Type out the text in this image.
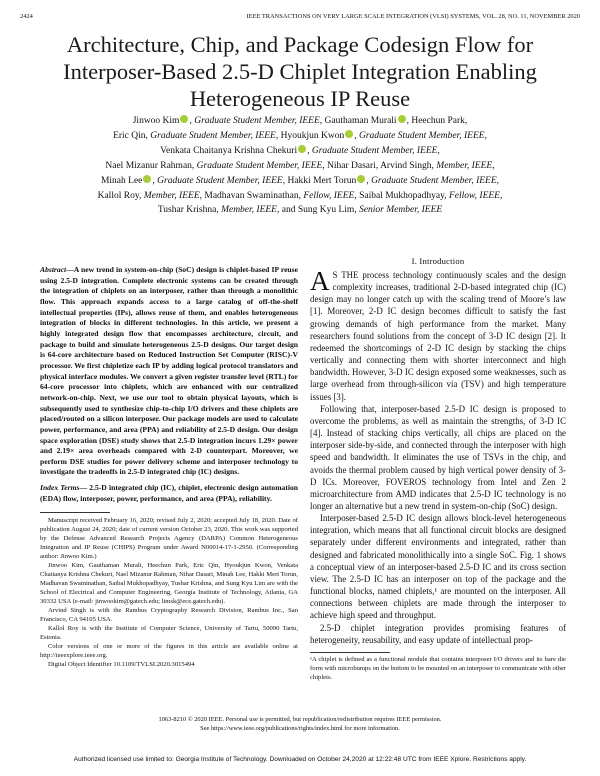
2424	IEEE TRANSACTIONS ON VERY LARGE SCALE INTEGRATION (VLSI) SYSTEMS, VOL. 28, NO. 11, NOVEMBER 2020
Architecture, Chip, and Package Codesign Flow for Interposer-Based 2.5-D Chiplet Integration Enabling Heterogeneous IP Reuse
Jinwoo Kim , Graduate Student Member, IEEE, Gauthaman Murali , Heechun Park,
Eric Qin, Graduate Student Member, IEEE, Hyoukjun Kwon , Graduate Student Member, IEEE,
Venkata Chaitanya Krishna Chekuri , Graduate Student Member, IEEE,
Nael Mizanur Rahman, Graduate Student Member, IEEE, Nihar Dasari, Arvind Singh, Member, IEEE,
Minah Lee , Graduate Student Member, IEEE, Hakki Mert Torun , Graduate Student Member, IEEE,
Kallol Roy, Member, IEEE, Madhavan Swaminathan, Fellow, IEEE, Saibal Mukhopadhyay, Fellow, IEEE,
Tushar Krishna, Member, IEEE, and Sung Kyu Lim, Senior Member, IEEE

Abstract—A new trend in system-on-chip (SoC) design is chiplet-based IP reuse using 2.5-D integration. Complete electronic systems can be created through the integration of chiplets on an interposer, rather than through a monolithic flow. This approach expands access to a large catalog of off-the-shelf intellectual properties (IPs), allows reuse of them, and enables heterogeneous integration of blocks in different technologies. In this article, we present a highly integrated design flow that encompasses architecture, circuit, and package to build and simulate heterogeneous 2.5-D designs. Our target design is 64-core architecture based on Reduced Instruction Set Computer (RISC)-V processor. We first chipletize each IP by adding logical protocol translators and physical interface modules. We convert a given register transfer level (RTL) for 64-core processor into chiplets, which are enhanced with our centralized network-on-chip. Next, we use our tool to obtain physical layouts, which is subsequently used to synthesize chip-to-chip I/O drivers and these chiplets are placed/routed on a silicon interposer. Our package models are used to calculate power, performance, and area (PPA) and reliability of 2.5-D design. Our design space exploration (DSE) study shows that 2.5-D integration incurs 1.29× power and 2.19× area overheads compared with 2-D counterpart. Moreover, we perform DSE studies for power delivery scheme and interposer technology to investigate the tradeoffs in 2.5-D integrated chip (IC) designs.

Index Terms— 2.5-D integrated chip (IC), chiplet, electronic design automation (EDA) flow, interposer, power, performance, and area (PPA), reliability.

Manuscript received February 16, 2020; revised July 2, 2020; accepted July 18, 2020. Date of publication August 24, 2020; date of current version October 23, 2020. This work was supported by the Defense Advanced Research Projects Agency (DARPA) Common Heterogeneous Integration and IP Reuse (CHIPS) Program under Award N00014-17-1-2950. (Corresponding author: Jinwoo Kim.)

Jinwoo Kim, Gauthaman Murali, Heechun Park, Eric Qin, Hyoukjun Kwon, Venkata Chaitanya Krishna Chekuri, Nael Mizanur Rahman, Nihar Dasari, Minah Lee, Hakki Mert Torun, Madhavan Swaminathan, Saibal Mukhopadhyay, Tushar Krishna, and Sung Kyu Lim are with the School of Electrical and Computer Engineering, Georgia Institute of Technology, Atlanta, GA 30332 USA (e-mail: jinwookim@gatech.edu; limsk@ece.gatech.edu).

Arvind Singh is with the Rambus Cryptography Research Division, Rambus Inc., San Francisco, CA 94105 USA.

Kallol Roy is with the Institute of Computer Science, University of Tartu, 50090 Tartu, Estonia.

Color versions of one or more of the figures in this article are available online at http://ieeexplore.ieee.org.

Digital Object Identifier 10.1109/TVLSI.2020.3015494

I. Introduction

A S THE process technology continuously scales and the design complexity increases, traditional 2-D-based integrated chip (IC) design may no longer catch up with the scaling trend of Moore’s law [1]. Moreover, 2-D IC design becomes difficult to satisfy the fast growing demands of high performance from the market. Many researchers found solutions from the concept of 3-D IC design [2]. It redeemed the shortcomings of 2-D IC design by stacking the chips vertically and connecting them with shorter interconnect and high bandwidth. However, 3-D IC design exposed some weaknesses, such as large overhead from through-silicon via (TSV) and high temperature issues [3].

Following that, interposer-based 2.5-D IC design is proposed to overcome the problems, as well as maintain the strengths, of 3-D IC [4]. Instead of stacking chips vertically, all chips are placed on the interposer side-by-side, and connected through the interposer with high speed and bandwidth. It eliminates the use of TSVs in the chip, and avoids the thermal problem caused by high vertical power density of 3-D ICs. Moreover, FOVEROS technology from Intel and Zen 2 microarchitecture from AMD indicates that 2.5-D IC technology is no longer an alternative but a new trend in system-on-chip (SoC) design.

Interposer-based 2.5-D IC design allows block-level heterogeneous integration, which means that all functional circuit blocks are designed separately under different environments and integrated, rather than designed and fabricated monolithically into a single SoC. Fig. 1 shows a conceptual view of an interposer-based 2.5-D IC and its cross section view. The 2.5-D IC has an interposer on top of the package and the functional blocks, named chiplets,¹ are mounted on the interposer. All connections between chiplets are made through the interposer to achieve high speed and throughput.

2.5-D chiplet integration provides promising features of heterogeneity, reusability, and easy update of intellectual prop-

¹A chiplet is defined as a functional module that contains interposer I/O drivers and its bare die form with microbumps on the bottom to be mounted on an interposer to communicate with other chiplets.

1063-8210 © 2020 IEEE. Personal use is permitted, but republication/redistribution requires IEEE permission.
See https://www.ieee.org/publications/rights/index.html for more information.
Authorized licensed use limited to: Georgia Institute of Technology. Downloaded on October 24,2020 at 12:22:48 UTC from IEEE Xplore. Restrictions apply.
